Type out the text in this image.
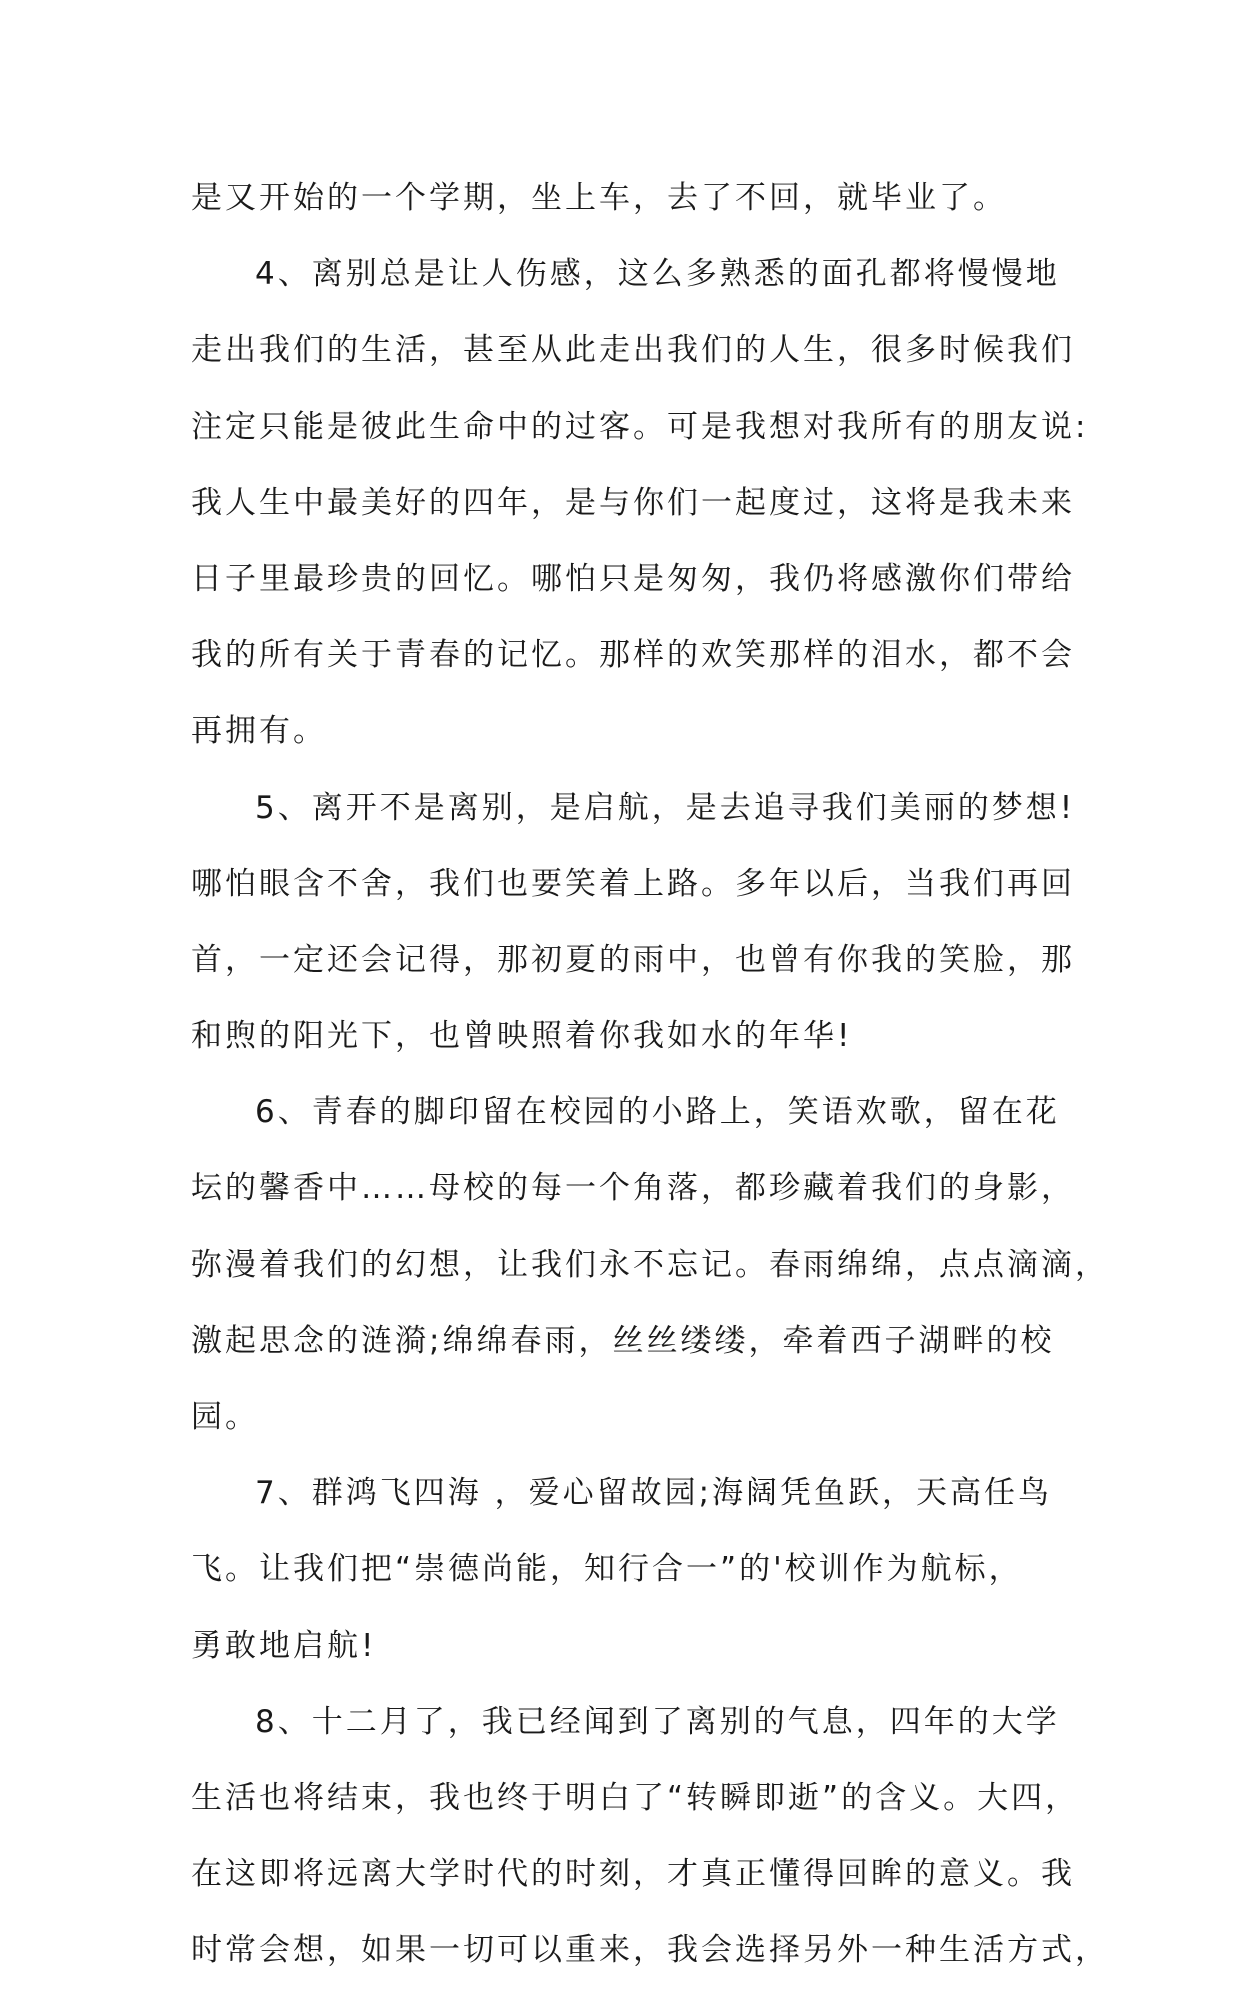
是又开始的一个学期，坐上车，去了不回，就毕业了。
4、离别总是让人伤感，这么多熟悉的面孔都将慢慢地
走出我们的生活，甚至从此走出我们的人生，很多时候我们
注定只能是彼此生命中的过客。可是我想对我所有的朋友说:
我人生中最美好的四年，是与你们一起度过，这将是我未来
日子里最珍贵的回忆。哪怕只是匆匆，我仍将感激你们带给
我的所有关于青春的记忆。那样的欢笑那样的泪水，都不会
再拥有。
5、离开不是离别，是启航，是去追寻我们美丽的梦想!
哪怕眼含不舍，我们也要笑着上路。多年以后，当我们再回
首，一定还会记得，那初夏的雨中，也曾有你我的笑脸，那
和煦的阳光下，也曾映照着你我如水的年华!
6、青春的脚印留在校园的小路上，笑语欢歌，留在花
坛的馨香中……母校的每一个角落，都珍藏着我们的身影，
弥漫着我们的幻想，让我们永不忘记。春雨绵绵，点点滴滴，
激起思念的涟漪;绵绵春雨，丝丝缕缕，牵着西子湖畔的校
园。
7、群鸿飞四海 ，爱心留故园;海阔凭鱼跃，天高任鸟
飞。让我们把“崇德尚能，知行合一”的'校训作为航标，
勇敢地启航!
8、十二月了，我已经闻到了离别的气息，四年的大学
生活也将结束，我也终于明白了“转瞬即逝”的含义。大四，
在这即将远离大学时代的时刻，才真正懂得回眸的意义。我
时常会想，如果一切可以重来，我会选择另外一种生活方式，
